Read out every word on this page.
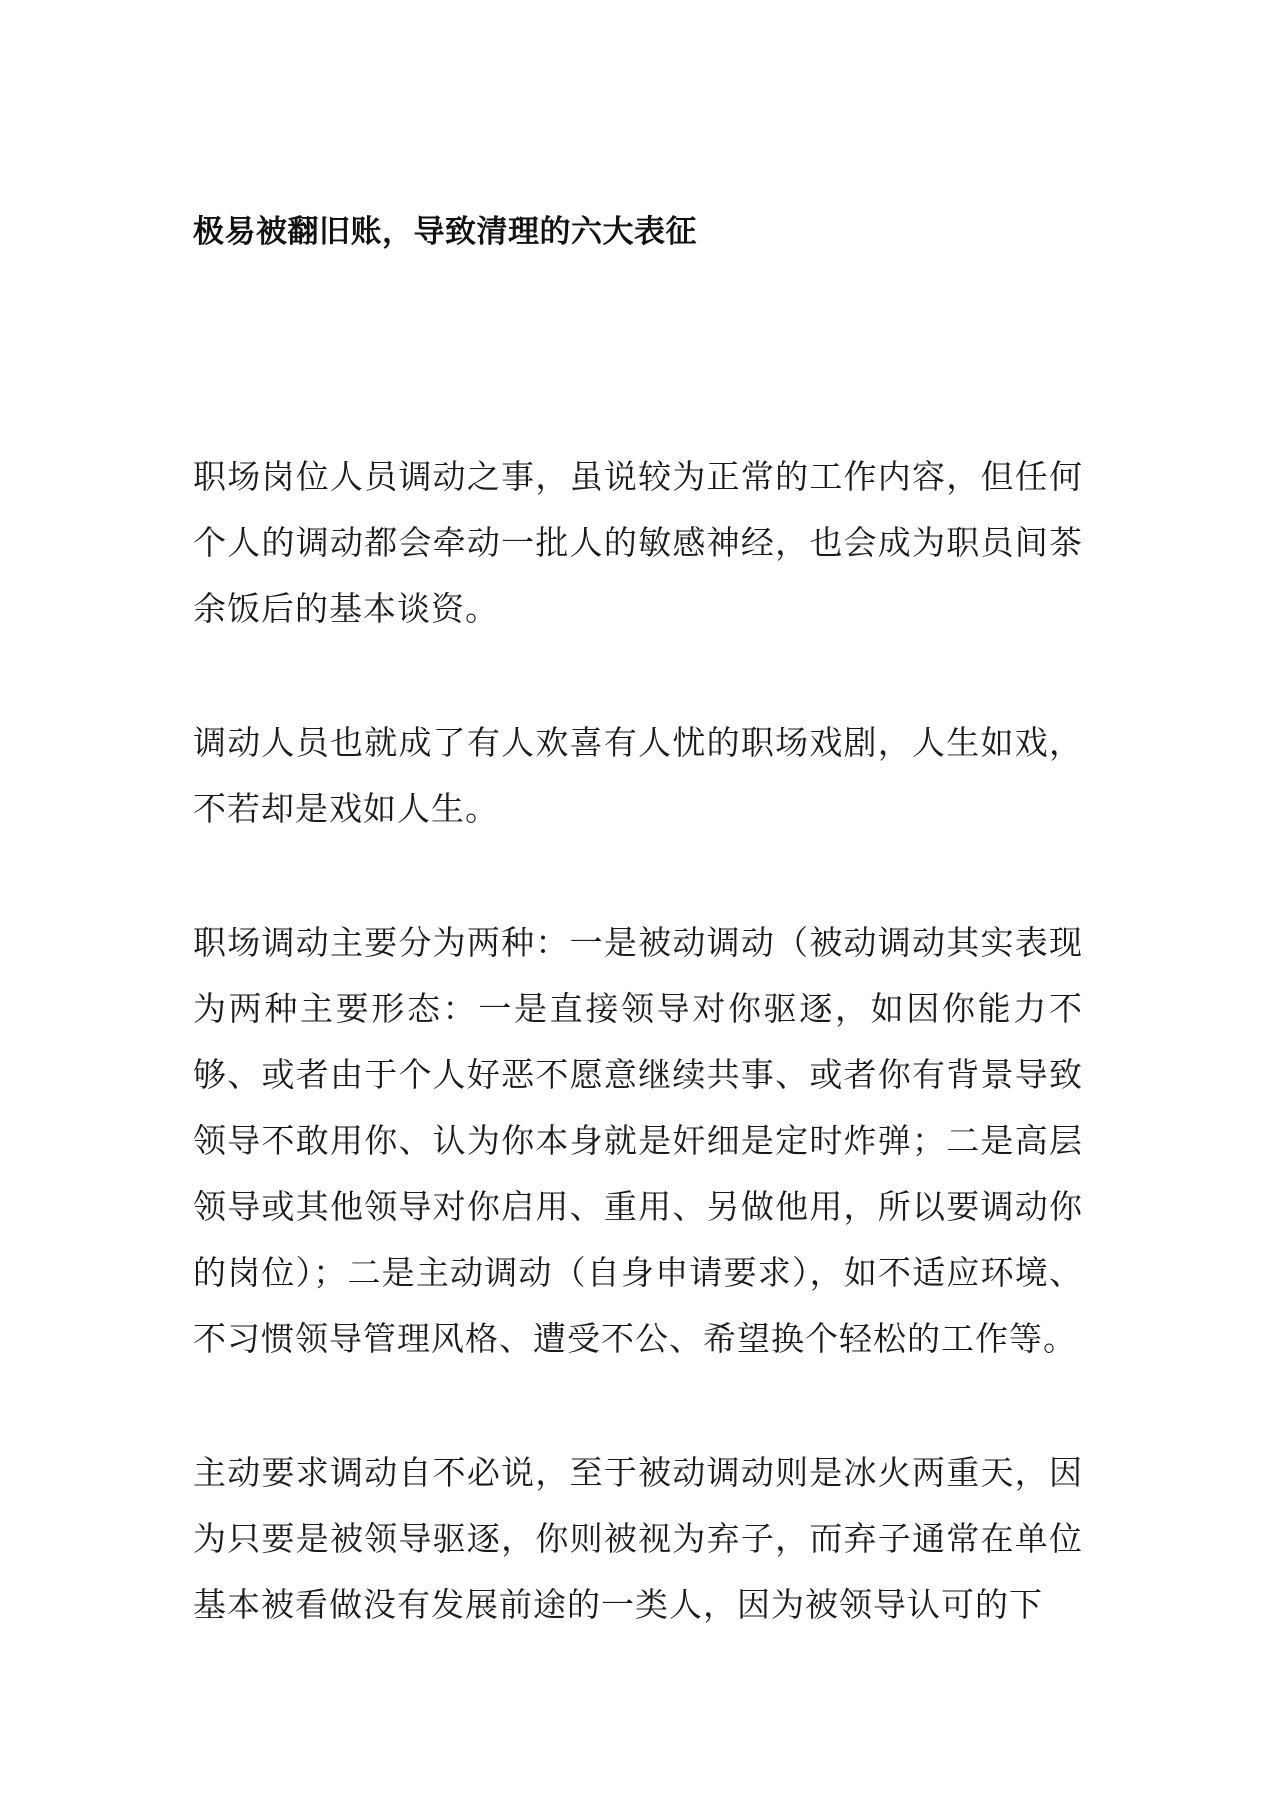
极易被翻旧账，导致清理的六大表征

职场岗位人员调动之事，虽说较为正常的工作内容，但任何个人的调动都会牵动一批人的敏感神经，也会成为职员间茶余饭后的基本谈资。

调动人员也就成了有人欢喜有人忧的职场戏剧，人生如戏，不若却是戏如人生。

职场调动主要分为两种：一是被动调动（被动调动其实表现为两种主要形态：一是直接领导对你驱逐，如因你能力不够、或者由于个人好恶不愿意继续共事、或者你有背景导致领导不敢用你、认为你本身就是奸细是定时炸弹；二是高层领导或其他领导对你启用、重用、另做他用，所以要调动你的岗位）；二是主动调动（自身申请要求），如不适应环境、不习惯领导管理风格、遭受不公、希望换个轻松的工作等。

主动要求调动自不必说，至于被动调动则是冰火两重天，因为只要是被领导驱逐，你则被视为弃子，而弃子通常在单位基本被看做没有发展前途的一类人，因为被领导认可的下
